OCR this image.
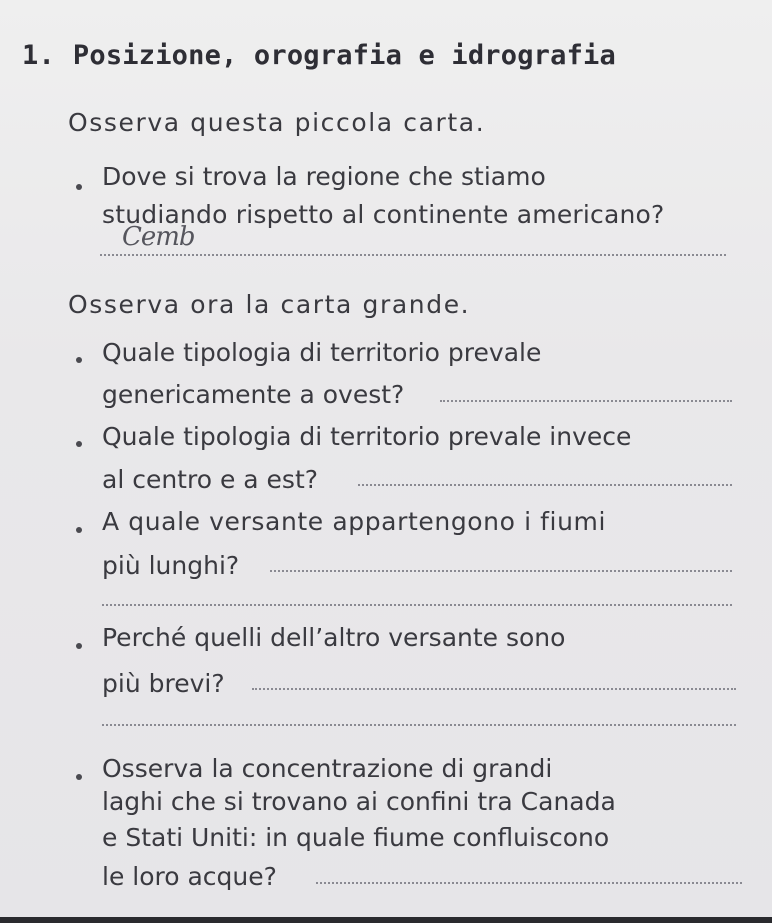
1. Posizione, orografia e idrografia
Osserva questa piccola carta.
Dove si trova la regione che stiamo
studiando rispetto al continente americano?
Cemb
Osserva ora la carta grande.
Quale tipologia di territorio prevale
genericamente a ovest?
Quale tipologia di territorio prevale invece
al centro e a est?
A quale versante appartengono i fiumi
più lunghi?
Perché quelli dell’altro versante sono
più brevi?
Osserva la concentrazione di grandi
laghi che si trovano ai confini tra Canada
e Stati Uniti: in quale fiume confluiscono
le loro acque?
